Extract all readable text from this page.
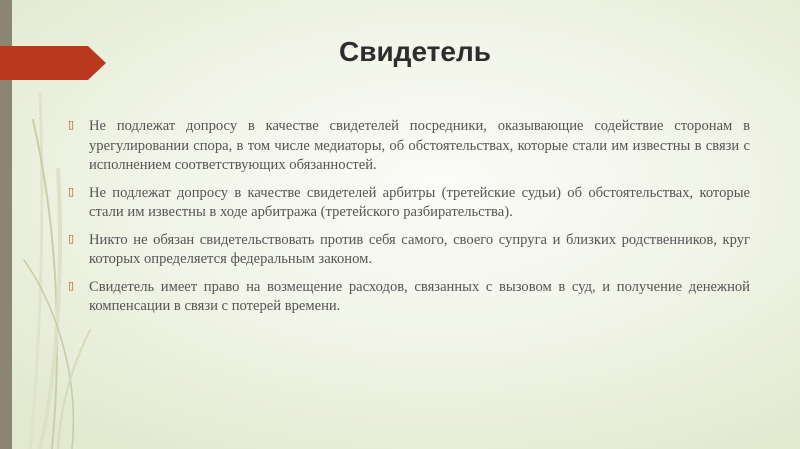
Свидетель
▯ Не подлежат допросу в качестве свидетелей посредники, оказывающие содействие сторонам в урегулировании спора, в том числе медиаторы, об обстоятельствах, которые стали им известны в связи с исполнением соответствующих обязанностей.
▯ Не подлежат допросу в качестве свидетелей арбитры (третейские судьи) об обстоятельствах, которые стали им известны в ходе арбитража (третейского разбирательства).
▯ Никто не обязан свидетельствовать против себя самого, своего супруга и близких родственников, круг которых определяется федеральным законом.
▯ Свидетель имеет право на возмещение расходов, связанных с вызовом в суд, и получение денежной компенсации в связи с потерей времени.
